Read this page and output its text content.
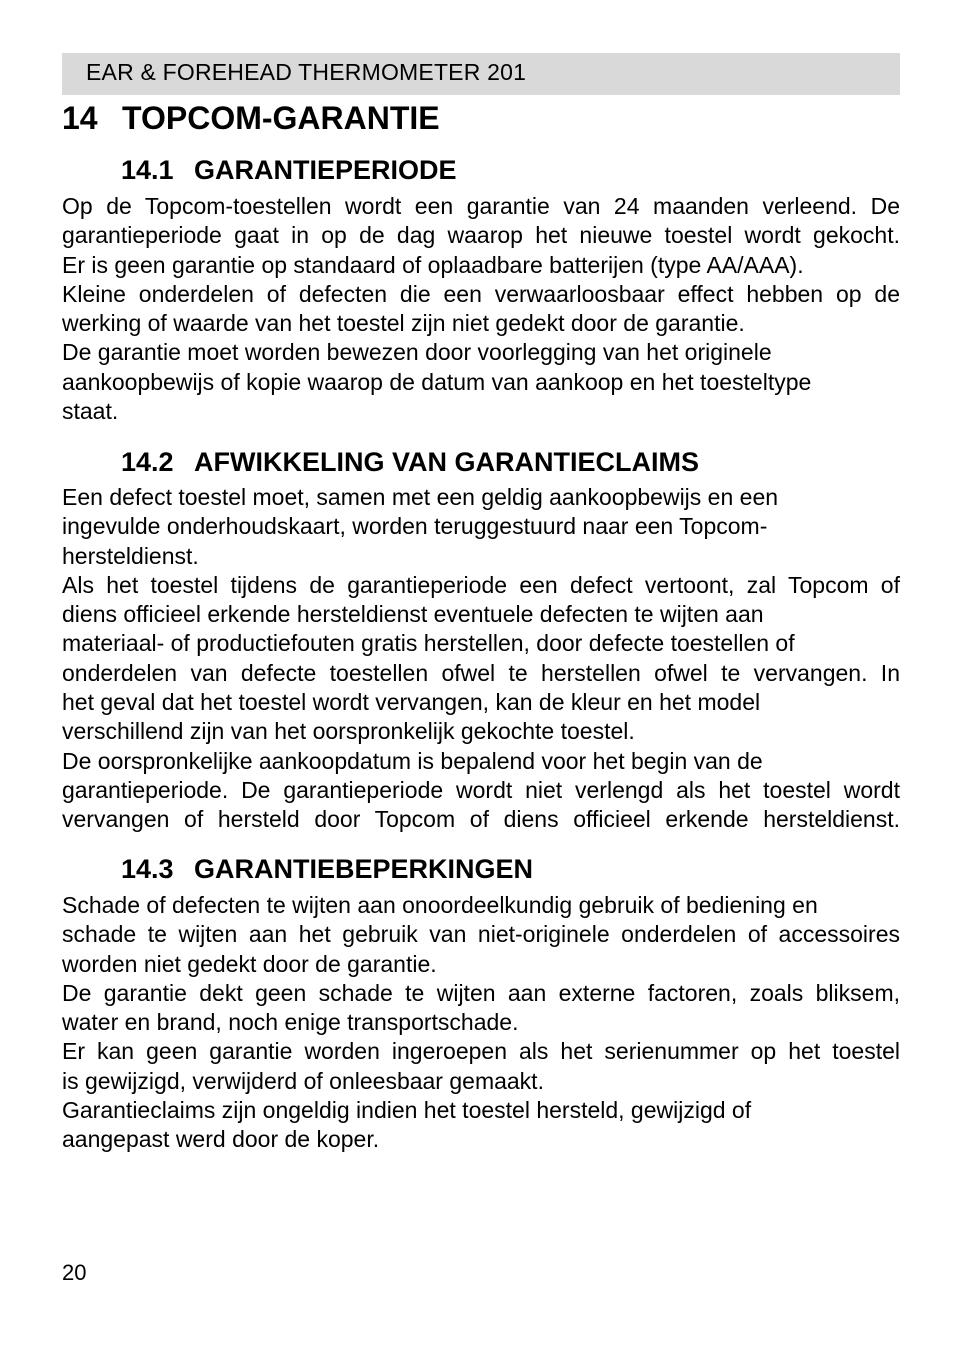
EAR & FOREHEAD THERMOMETER 201
14 TOPCOM-GARANTIE
14.1 GARANTIEPERIODE
Op de Topcom-toestellen wordt een garantie van 24 maanden verleend. De
garantieperiode gaat in op de dag waarop het nieuwe toestel wordt gekocht.
Er is geen garantie op standaard of oplaadbare batterijen (type AA/AAA).
Kleine onderdelen of defecten die een verwaarloosbaar effect hebben op de
werking of waarde van het toestel zijn niet gedekt door de garantie.
De garantie moet worden bewezen door voorlegging van het originele
aankoopbewijs of kopie waarop de datum van aankoop en het toesteltype
staat.
14.2 AFWIKKELING VAN GARANTIECLAIMS
Een defect toestel moet, samen met een geldig aankoopbewijs en een
ingevulde onderhoudskaart, worden teruggestuurd naar een Topcom-
hersteldienst.
Als het toestel tijdens de garantieperiode een defect vertoont, zal Topcom of
diens officieel erkende hersteldienst eventuele defecten te wijten aan
materiaal- of productiefouten gratis herstellen, door defecte toestellen of
onderdelen van defecte toestellen ofwel te herstellen ofwel te vervangen. In
het geval dat het toestel wordt vervangen, kan de kleur en het model
verschillend zijn van het oorspronkelijk gekochte toestel.
De oorspronkelijke aankoopdatum is bepalend voor het begin van de
garantieperiode. De garantieperiode wordt niet verlengd als het toestel wordt
vervangen of hersteld door Topcom of diens officieel erkende hersteldienst.
14.3 GARANTIEBEPERKINGEN
Schade of defecten te wijten aan onoordeelkundig gebruik of bediening en
schade te wijten aan het gebruik van niet-originele onderdelen of accessoires
worden niet gedekt door de garantie.
De garantie dekt geen schade te wijten aan externe factoren, zoals bliksem,
water en brand, noch enige transportschade.
Er kan geen garantie worden ingeroepen als het serienummer op het toestel
is gewijzigd, verwijderd of onleesbaar gemaakt.
Garantieclaims zijn ongeldig indien het toestel hersteld, gewijzigd of
aangepast werd door de koper.
20
